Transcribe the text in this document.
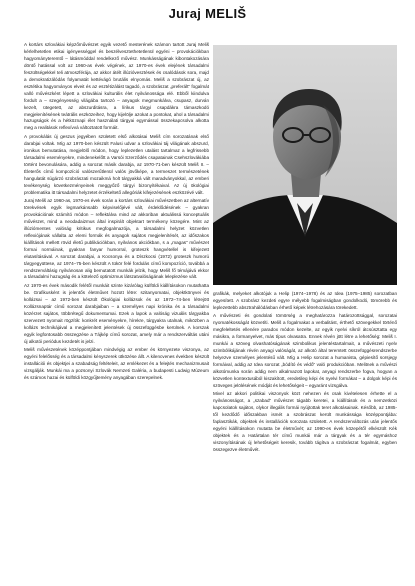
Juraj MELIŠ

A kortárs szlovákiai képzőművészet egyik vezető mesterének számon tartott Juraj Meliš kérlelhetetlen etikai igényességgel és beszélvesztethetetlenül egyéni – provokációkban hagyományteremtő – látásmóddal rendelkező művész. Munkásságának kibontakozására döntő hatással volt az 1960-as évek végének, az 1970-es évek elejének társadalmi feszültségekkel teli atmoszférája, az akkor átélt illúzióvesztések és csalódások sora, majd a demokratizálódás folyamatát kettévágó brutális elnyomás. Meliš a szobrászat új, az esztétika hagyományos elveit és az esztétizálást tagadó, a szobrászat „preferált” fogalmát valló művészként lépett a szlovákiai kulturális élet nyilvánossága elé. Ebből kiindulva fordult a – szegényesség világába tartozó – anyagok megmunkálva, csupasz, durván kezelt, ütegetett, az abszurditásra, a lírikus tárgyi csapdákra támaszkodó megjelenítésének teátrális eszközeihez, hogy kijelölje azokat a pontokat, ahol a társadalmi hazugságok és a hétköznapi élet használati tárgyai egymással összekapcsolva alkotta meg a realitások reflexívvá változtatott formáit.

A provokálás új geszus jegyében született első alkotásai Meliš cím sorozatának első darabjai voltak. Míg az 1970-ben készült Falusi udvar a szlovákiai táj világának abszurd, ironikus bemutatása, megjelölő módon, hogy leplezetlen utalást tartalmaz a legfrissebb társadalmi eseményekre, mindenekelőtt a Varsói Szerződés csapatainak Csehszlovákiába történt bevonulására, addig a sorozat másik darabja, az 1970-71-ben készült Meliš II. – Életerős című kompozíció valószerűtlenül valós jövőképe, a termeszet természetének hangulatát súgárzó szobrászati mozaikmá holt tárgyakká vált maradványokkal, az emberi tevékenység következményeinek meggyőző tárgyi bizonyítékaival. Az új ökológiai problematika itt társadalmi helyzetet érzékeltető allegóriák kifejezésének eszközévé vált.

Juraj Meliš az 1960-as, 1970-es évek során a kortárs szlovákiai művészetben az alternatív törekvések egyik legmarkánsabb képviselőjévé vált, érdeklődésének – gyakran provokációnak számító módon – reflektálva mind az akkoriban aktuálissá konceptuális művészet, mind a neodadaizmus által inspirált objektart termékeny közegére. Mint az illúziómentes valóság kritikus megfogalmazója, a társadalmi helyzet közvetlen reflexiójának vállalta az elemi formák és anyagok sajátos megjelenítését, az időszakos kiállítások mellett rövid életű publikációkban, nyilvános akciókban, s a „magas” művészet formai normáinak, gyakran fanyar humorral, groteszk hangvétellel is kifejezett elutasításával. A sorozat darabjai, a Kocsonya és a Díszkocsi (1972) groteszk humorú tárgyegyüttese, az 1974–75-ben készült A tükör felé fordulás című kompozíció, továbbá a rendszerváltásig nyilvánosan alig bemutatott munkák jelzik, hogy Meliš fő témájává ekkor a társadalmi hazugság és a kötelező optimizmus látszatvalóságának leleplezése vált.

Az 1970-es évek második felétől munkáit szinte kizárólag külföldi kiállításokon mutathatta be. Grafikusként is jelentős életművet hozott létre: szitanyomatai, objektkönyvei és kollázsai – az 1972-ben készült Ökológiai kollázsok és az 1972–74-ben létrejött Kollázsnaptár című sorozat darabjaiban – a személyes napi krónika és a társadalmi közérzet sajátos, többrétegű dokumentumai. Ezek a lapok a valóság vizuális tárgyakba szervezett nyomait rögzítik: konkrét eseményekre, hírekre, tárgyakra utalnak, miközben a kollázs technikájával a megjelenített jelentések új összefüggésbe kerülnek. A korszak egyik legfontosabb összegzése a Tájkép című sorozat, amely már a rendszerváltás utáni új alkotói periódus kezdetét is jelzi.

Meliš művészetének középpontjában mindvégig az ember és környezete viszonya, az egyéni felelősség és a társadalmi kényszerek ütközése állt. A kilencvenes években készült installációi és objektjei a szabadság feltételeit, az emlékezet és a felejtés mechanizmusait vizsgálják. Munkái ma a pozsonyi Szlovák Nemzeti Galéria, a budapesti Ludwig Múzeum és számos hazai és külföldi közgyűjtemény anyagában szerepelnek.

grafikák, melyeket alkotójuk a Helip (1974–1978) és az Idea (1975–1985) sorozatban egyesített. A szobrász kezdeti egyre mélyebb fogalmiságban gondolkodó, tömörebb és leplezettebb absztrahálódásban érhető képek létrehozására törekedett.

A művészeti és gondolati tömörség a meghatározza határozottsággal, sorozatai nyomatékosságát közvetíti. Meliš a fogalmakat a verbalitást, érthető szövegekkel történő megfeleltetés ellenére paradox módon kezelte, az egyik nyelvi síkról átcsúsztatta egy másikra, a formanyelvet, más típus olvasatra. Ennek révén jött létre a lehetőség: Meliš I. munkái a szöveg olvashatóságának szimbolikus jelentéstartalmait, a művészeti nyelv szimbólikájának révén anyagi valóságát, az alkotó által teremtett összefüggésrendszerbe helyezve személyes jelentésű vált. Míg a Helip sorozat a humanista, gépiesítő sorsjegy formáival, addig az Idea sorozat „bódító és védő” való produkcióban. Melitnek a művészi alkotómunka során addig nem alkalmazott lapokat, anyagi rendszerbe fogva, hogyan a közvetlen kontextusából kiszakított, eredetileg képi és nyelvi formákat – a dolgok képi és szöveges jelölésének módját és lehetőségeit – egyaránt vizsgálva.

Mivel az akkori politikai viszonyok közt nehezen és csak kivételesen érhette el a nyilvánosságot, a „szabad” művészet tágabb keretei, a kiállítások és a nemzetközi kapcsolatok sajátos, olykor illegális formái nyújtottak teret alkotásainak. Később, az 1985-től kezdődő időszakban ismét a szobrászat került munkássága középpontjába: faplasztikák, objektek és installációk sorozata született. A rendszerváltozás után jelentős egyéni kiállításokon mutatta be életművét; az 1990-es évek közepétől elkészült Kék objektek és a Határtalan tér című munkái már a tárgyak és a tér egymáshoz viszonyításának új lehetőségeit keresik, tovább tágítva a szobrászat fogalmát, egyben összegezve életművét.
